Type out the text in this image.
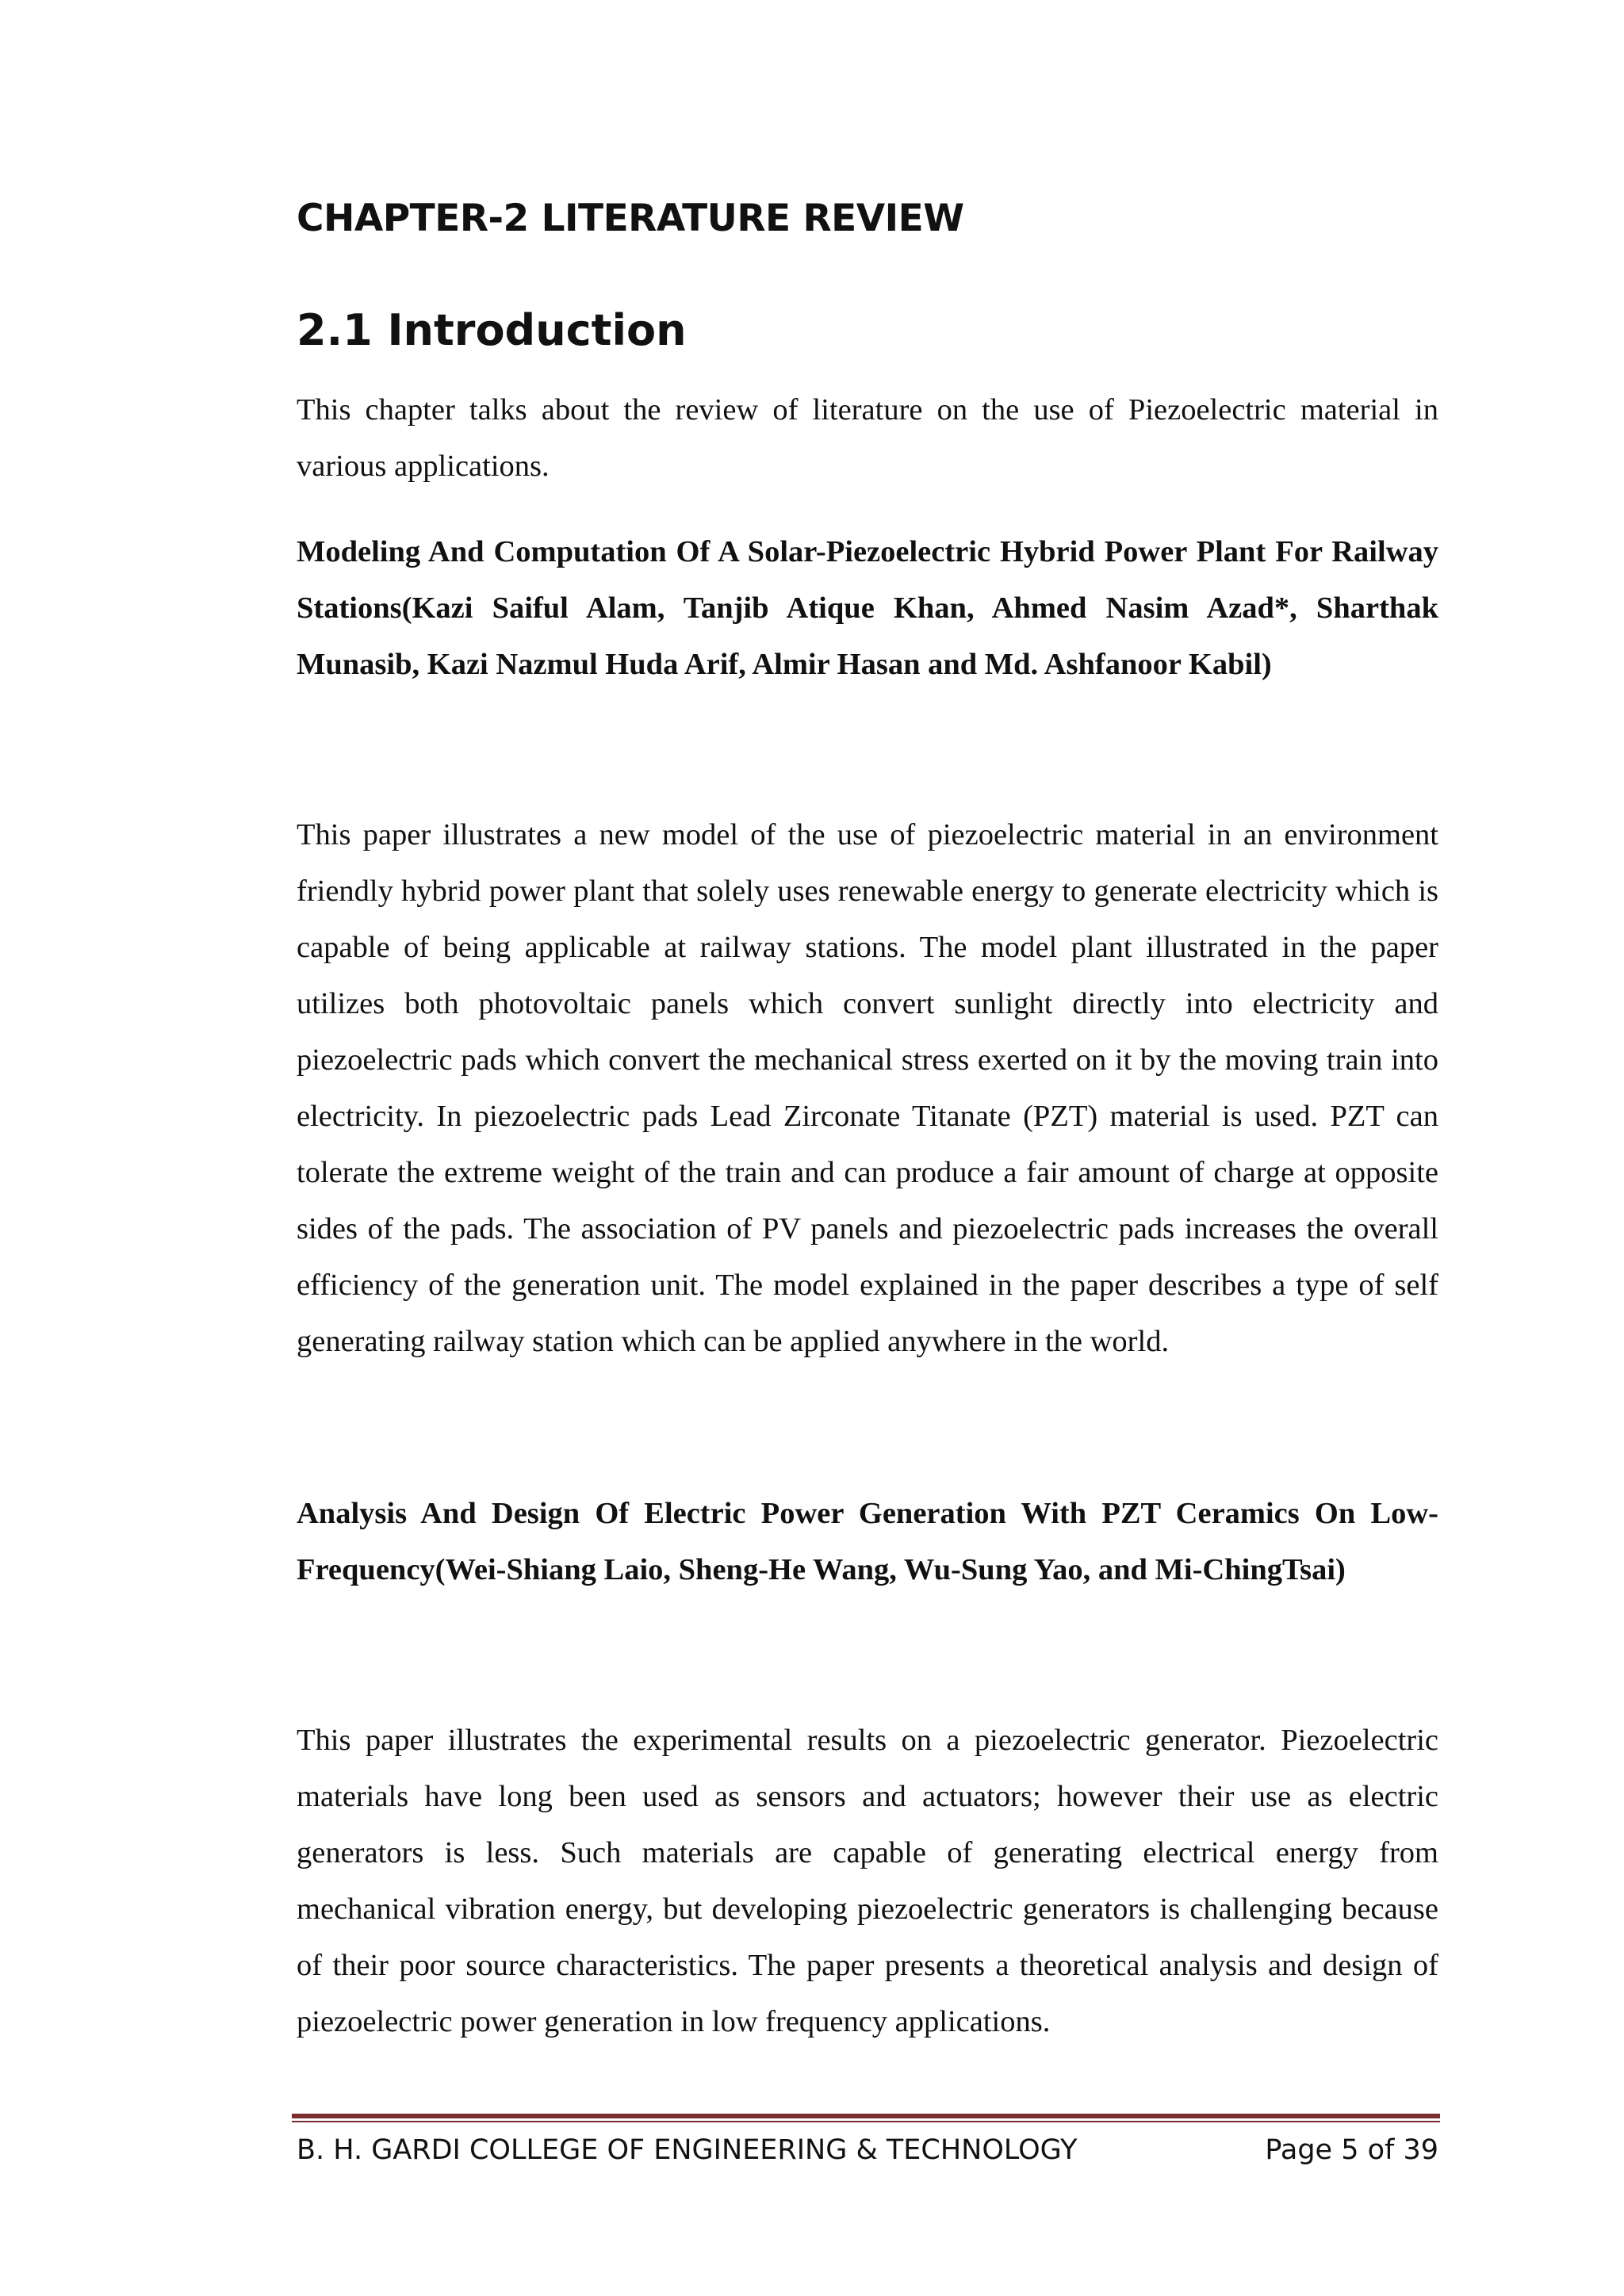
CHAPTER-2 LITERATURE REVIEW
2.1 Introduction

This chapter talks about the review of literature on the use of Piezoelectric material in various applications.

Modeling And Computation Of A Solar-Piezoelectric Hybrid Power Plant For Railway Stations(Kazi Saiful Alam, Tanjib Atique Khan, Ahmed Nasim Azad*, Sharthak Munasib, Kazi Nazmul Huda Arif, Almir Hasan and Md. Ashfanoor Kabil)

This paper illustrates a new model of the use of piezoelectric material in an environment friendly hybrid power plant that solely uses renewable energy to generate electricity which is capable of being applicable at railway stations. The model plant illustrated in the paper utilizes both photovoltaic panels which convert sunlight directly into electricity and piezoelectric pads which convert the mechanical stress exerted on it by the moving train into electricity. In piezoelectric pads Lead Zirconate Titanate (PZT) material is used. PZT can tolerate the extreme weight of the train and can produce a fair amount of charge at opposite sides of the pads. The association of PV panels and piezoelectric pads increases the overall efficiency of the generation unit. The model explained in the paper describes a type of self generating railway station which can be applied anywhere in the world.

Analysis And Design Of Electric Power Generation With PZT Ceramics On Low-Frequency(Wei-Shiang Laio, Sheng-He Wang, Wu-Sung Yao, and Mi-ChingTsai)

This paper illustrates the experimental results on a piezoelectric generator. Piezoelectric materials have long been used as sensors and actuators; however their use as electric generators is less. Such materials are capable of generating electrical energy from mechanical vibration energy, but developing piezoelectric generators is challenging because of their poor source characteristics. The paper presents a theoretical analysis and design of piezoelectric power generation in low frequency applications.

B. H. GARDI COLLEGE OF ENGINEERING & TECHNOLOGY	Page 5 of 39
